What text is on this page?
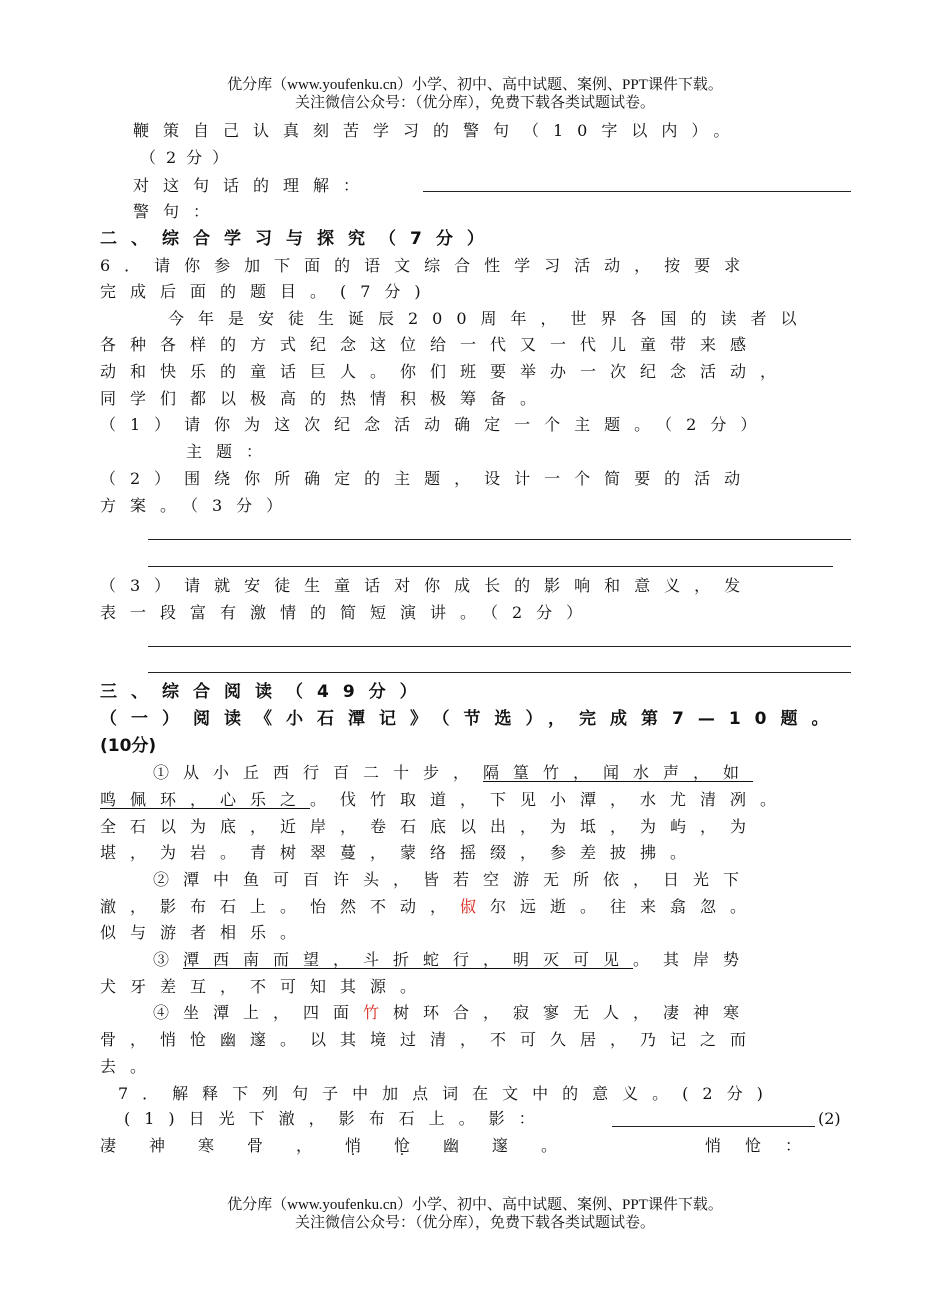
优分库（www.youfenku.cn）小学、初中、高中试题、案例、PPT课件下载。
关注微信公众号：（优分库），免费下载各类试题试卷。
鞭策自己认真刻苦学习的警句（10字以内）。
（2分）
对这句话的理解：
警句：
二、综合学习与探究（7分）
6．请你参加下面的语文综合性学习活动，按要求
完成后面的题目。(7分)
今年是安徒生诞辰200周年，世界各国的读者以
各种各样的方式纪念这位给一代又一代儿童带来感
动和快乐的童话巨人。你们班要举办一次纪念活动，
同学们都以极高的热情积极筹备。
（1）请你为这次纪念活动确定一个主题。（2分）
主题：
（2）围绕你所确定的主题，设计一个简要的活动
方案。（3分）
（3）请就安徒生童话对你成长的影响和意义，发
表一段富有激情的简短演讲。（2分）
三、综合阅读（49分）
（一）阅读《小石潭记》（节选），完成第7—10题。
(10分)
①从小丘西行百二十步，隔篁竹，闻水声，如
鸣佩环，心乐之。伐竹取道，下见小潭，水尤清冽。
全石以为底，近岸，卷石底以出，为坻，为屿，为
堪，为岩。青树翠蔓，蒙络摇缀，参差披拂。
②潭中鱼可百许头，皆若空游无所依，日光下
澈，影布石上。怡然不动，俶尔远逝。往来翕忽。
似与游者相乐。
③潭西南而望，斗折蛇行，明灭可见。其岸势
犬牙差互，不可知其源。
④坐潭上，四面竹树环合，寂寥无人，凄神寒
骨，悄怆幽邃。以其境过清，不可久居，乃记之而
去。
7．解释下列句子中加点词在文中的意义。(2分)
(1)日光下澈，影布石上。影：	(2)
凄神寒骨，悄怆幽邃。	悄怆：
优分库（www.youfenku.cn）小学、初中、高中试题、案例、PPT课件下载。
关注微信公众号：（优分库），免费下载各类试题试卷。
